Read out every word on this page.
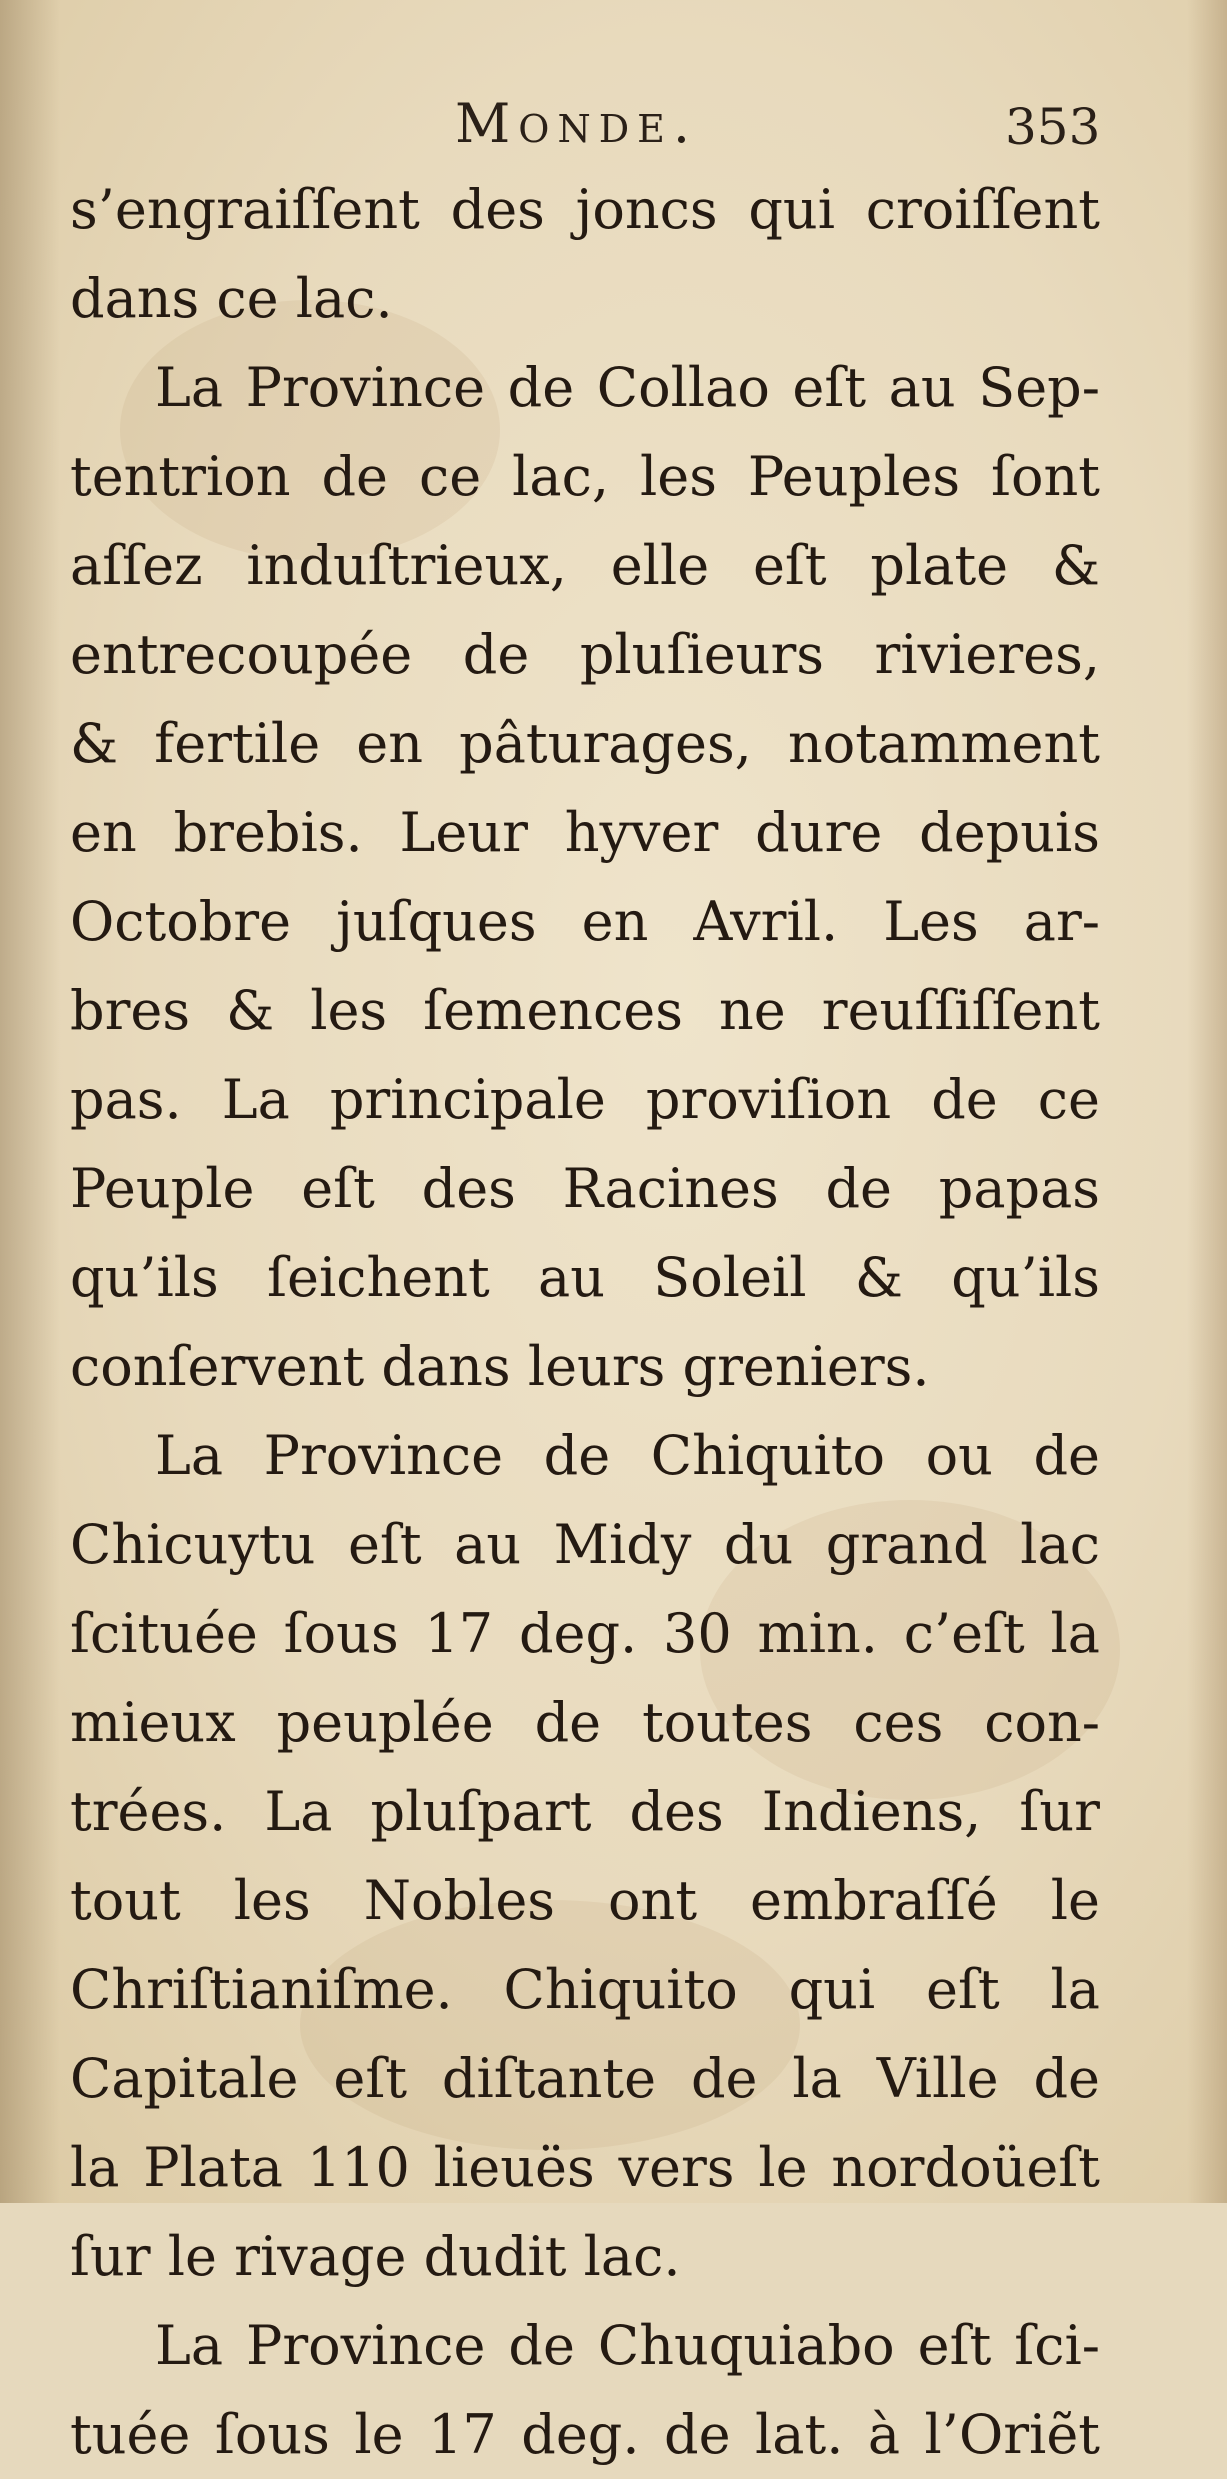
Monde.	353
s’engraiſſent des joncs qui croiſſent
dans ce lac.
La Province de Collao eſt au Sep-
tentrion de ce lac, les Peuples ſont
aſſez induſtrieux, elle eſt plate &
entrecoupée de pluſieurs rivieres,
& fertile en pâturages, notamment
en brebis. Leur hyver dure depuis
Octobre juſques en Avril. Les ar-
bres & les ſemences ne reuſſiſſent
pas. La principale proviſion de ce
Peuple eſt des Racines de papas
qu’ils ſeichent au Soleil & qu’ils
conſervent dans leurs greniers.
La Province de Chiquito ou de
Chicuytu eſt au Midy du grand lac
ſcituée ſous 17 deg. 30 min. c’eſt la
mieux peuplée de toutes ces con-
trées. La pluſpart des Indiens, ſur
tout les Nobles ont embraſſé le
Chriſtianiſme. Chiquito qui eſt la
Capitale eſt diſtante de la Ville de
la Plata 110 lieuës vers le nordoüeſt
ſur le rivage dudit lac.
La Province de Chuquiabo eſt ſci-
tuée ſous le 17 deg. de lat. à l’Oriẽt
